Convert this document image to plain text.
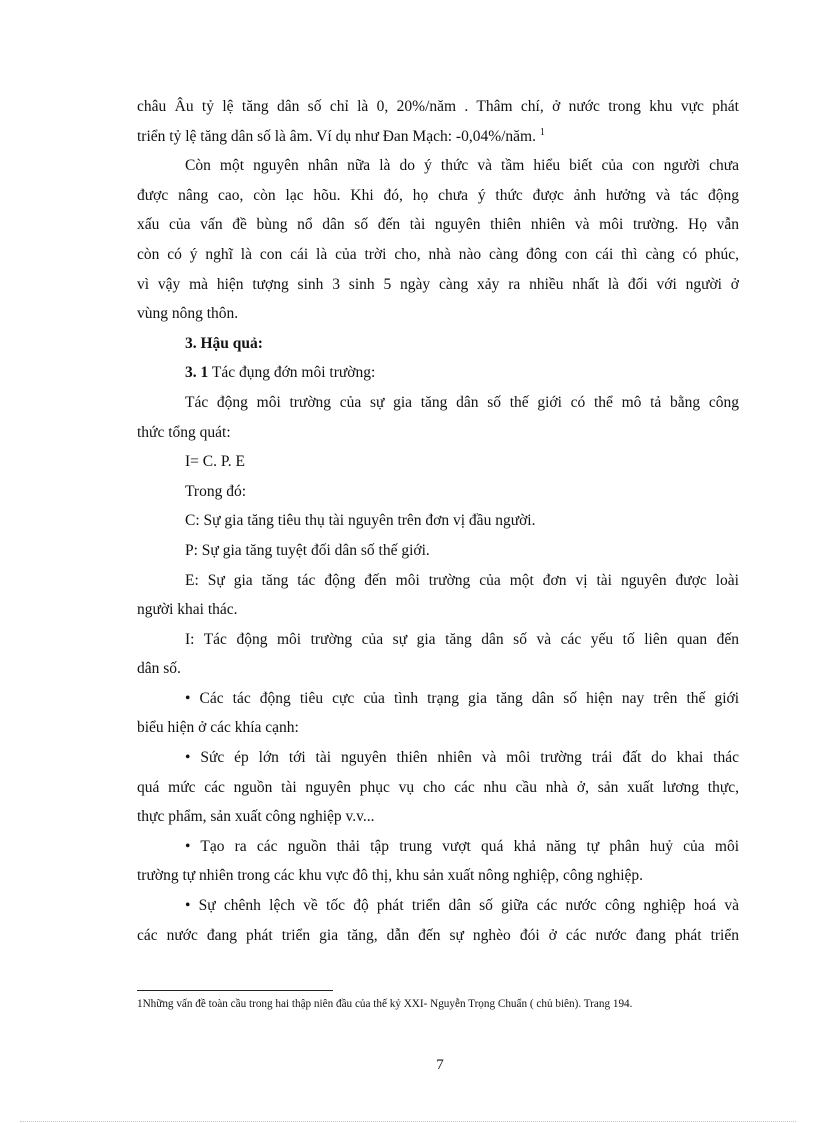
châu Âu tỷ lệ tăng dân số chỉ là 0, 20%/năm . Thâm chí, ở nước trong khu vực phát
triển tỷ lệ tăng dân số là âm. Ví dụ như Đan Mạch: -0,04%/năm. $^1$
Còn một nguyên nhân nữa là do ý thức và tầm hiểu biết của con người chưa
được nâng cao, còn lạc hõu. Khi đó, họ chưa ý thức được ảnh hưởng và tác động
xấu của vấn đề bùng nổ dân số đến tài nguyên thiên nhiên và môi trường. Họ vẫn
còn có ý nghĩ là con cái là của trời cho, nhà nào càng đông con cái thì càng có phúc,
vì vậy mà hiện tượng sinh 3 sinh 5 ngày càng xảy ra nhiều nhất là đối với người ở
vùng nông thôn.
3. Hậu quả:
3. 1 Tác đụng đớn môi trường:
Tác động môi trường của sự gia tăng dân số thế giới có thể mô tả bằng công
thức tổng quát:
I= C. P. E
Trong đó:
C: Sự gia tăng tiêu thụ tài nguyên trên đơn vị đầu người.
P: Sự gia tăng tuyệt đối dân số thế giới.
E: Sự gia tăng tác động đến môi trường của một đơn vị tài nguyên được loài
người khai thác.
I: Tác động môi trường của sự gia tăng dân số và các yếu tố liên quan đến
dân số.
• Các tác động tiêu cực của tình trạng gia tăng dân số hiện nay trên thế giới
biểu hiện ở các khía cạnh:
• Sức ép lớn tới tài nguyên thiên nhiên và môi trường trái đất do khai thác
quá mức các nguồn tài nguyên phục vụ cho các nhu cầu nhà ở, sản xuất lương thực,
thực phẩm, sản xuất công nghiệp v.v...
• Tạo ra các nguồn thải tập trung vượt quá khả năng tự phân huỷ của môi
trường tự nhiên trong các khu vực đô thị, khu sản xuất nông nghiệp, công nghiệp.
• Sự chênh lệch về tốc độ phát triển dân số giữa các nước công nghiệp hoá và
các nước đang phát triển gia tăng, dẫn đến sự nghèo đói ở các nước đang phát triển
1Những vấn đề toàn cầu trong hai thập niên đầu của thế kỷ XXI- Nguyễn Trọng Chuẩn ( chủ biên). Trang 194.
7
